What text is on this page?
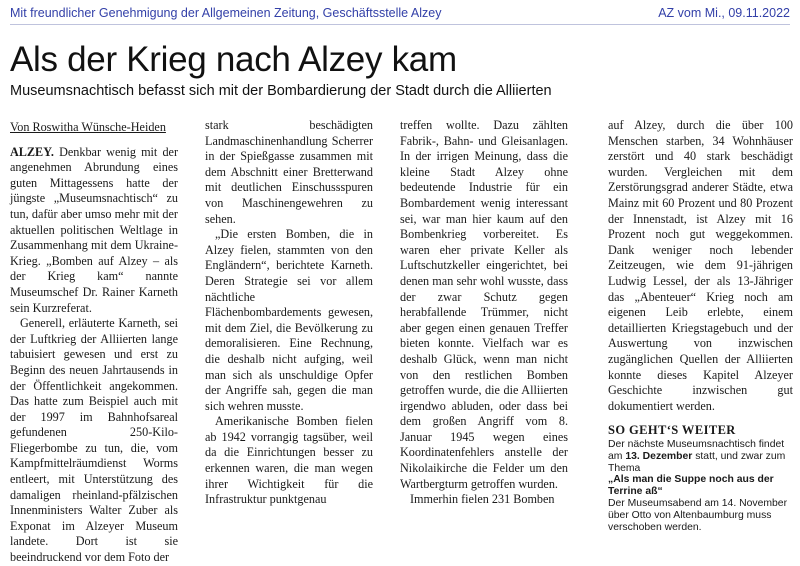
Mit freundlicher Genehmigung der Allgemeinen Zeitung, Geschäftsstelle Alzey	AZ vom Mi., 09.11.2022
Als der Krieg nach Alzey kam
Museumsnachtisch befasst sich mit der Bombardierung der Stadt durch die Alliierten

Von Roswitha Wünsche-Heiden

ALZEY. Denkbar wenig mit der angenehmen Abrundung eines guten Mittagessens hatte der jüngste „Museumsnachtisch“ zu tun, dafür aber umso mehr mit der aktuellen politischen Weltlage in Zusammenhang mit dem Ukraine-Krieg. „Bomben auf Alzey – als der Krieg kam“ nannte Museumschef Dr. Rainer Karneth sein Kurzreferat.

Generell, erläuterte Karneth, sei der Luftkrieg der Alliierten lange tabuisiert gewesen und erst zu Beginn des neuen Jahrtausends in der Öffentlichkeit angekommen. Das hatte zum Beispiel auch mit der 1997 im Bahnhofsareal gefundenen 250-Kilo-Fliegerbombe zu tun, die, vom Kampfmittelräumdienst Worms entleert, mit Unterstützung des damaligen rheinland-pfälzischen Innenministers Walter Zuber als Exponat im Alzeyer Museum landete. Dort ist sie beeindruckend vor dem Foto der

stark beschädigten Landmaschinenhandlung Scherrer in der Spießgasse zusammen mit dem Abschnitt einer Bretterwand mit deutlichen Einschussspuren von Maschinengewehren zu sehen.

„Die ersten Bomben, die in Alzey fielen, stammten von den Engländern“, berichtete Karneth. Deren Strategie sei vor allem nächtliche Flächenbombardements gewesen, mit dem Ziel, die Bevölkerung zu demoralisieren. Eine Rechnung, die deshalb nicht aufging, weil man sich als unschuldige Opfer der Angriffe sah, gegen die man sich wehren musste.

Amerikanische Bomben fielen ab 1942 vorrangig tagsüber, weil da die Einrichtungen besser zu erkennen waren, die man wegen ihrer Wichtigkeit für die Infrastruktur punktgenau

treffen wollte. Dazu zählten Fabrik-, Bahn- und Gleisanlagen. In der irrigen Meinung, dass die kleine Stadt Alzey ohne bedeutende Industrie für ein Bombardement wenig interessant sei, war man hier kaum auf den Bombenkrieg vorbereitet. Es waren eher private Keller als Luftschutzkeller eingerichtet, bei denen man sehr wohl wusste, dass der zwar Schutz gegen herabfallende Trümmer, nicht aber gegen einen genauen Treffer bieten konnte. Vielfach war es deshalb Glück, wenn man nicht von den restlichen Bomben getroffen wurde, die die Alliierten irgendwo abluden, oder dass bei dem großen Angriff vom 8. Januar 1945 wegen eines Koordinatenfehlers anstelle der Nikolaikirche die Felder um den Wartbergturm getroffen wurden.

Immerhin fielen 231 Bomben

auf Alzey, durch die über 100 Menschen starben, 34 Wohnhäuser zerstört und 40 stark beschädigt wurden. Vergleichen mit dem Zerstörungsgrad anderer Städte, etwa Mainz mit 60 Prozent und 80 Prozent der Innenstadt, ist Alzey mit 16 Prozent noch gut weggekommen. Dank weniger noch lebender Zeitzeugen, wie dem 91-jährigen Ludwig Lessel, der als 13-Jähriger das „Abenteuer“ Krieg noch am eigenen Leib erlebte, einem detaillierten Kriegstagebuch und der Auswertung von inzwischen zugänglichen Quellen der Alliierten konnte dieses Kapitel Alzeyer Geschichte inzwischen gut dokumentiert werden.

SO GEHT‘S WEITER

Der nächste Museumsnachtisch findet am 13. Dezember statt, und zwar zum Thema

„Als man die Suppe noch aus der Terrine aß“

Der Museumsabend am 14. November über Otto von Altenbaumburg muss verschoben werden.
